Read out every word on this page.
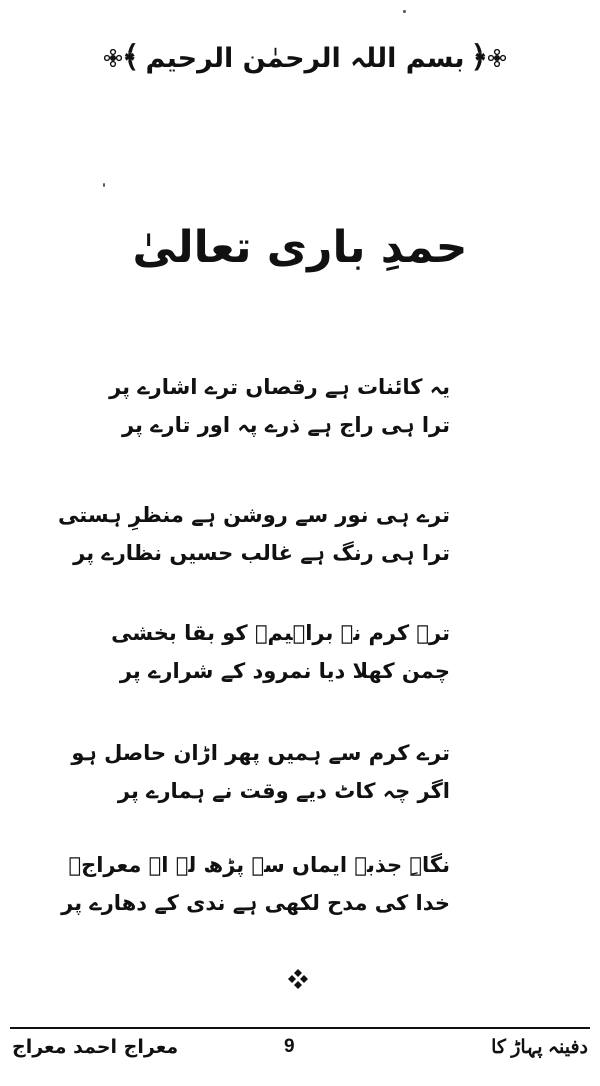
﴿
بسم اللہ الرحمٰن الرحیم
﴾
حمدِ باری تعالیٰ
یہ کائنات ہے رقصاں ترے اشارے پر
ترا ہی راج ہے ذرے پہ اور تارے پر
ترے ہی نور سے روشن ہے منظرِ ہستی
ترا ہی رنگ ہے غالب حسیں نظارے پر
ترے کرم نے براہیمؑ کو بقا بخشی
چمن کھلا دیا نمرود کے شرارے پر
ترے کرم سے ہمیں پھر اڑان حاصل ہو
اگر چہ کاٹ دیے وقت نے ہمارے پر
نگاہِ جذبۂ ایماں سے پڑھ لے اے معراجؔ
خدا کی مدح لکھی ہے ندی کے دھارے پر
دفینہ پہاڑ کا
9
معراج احمد معراج
